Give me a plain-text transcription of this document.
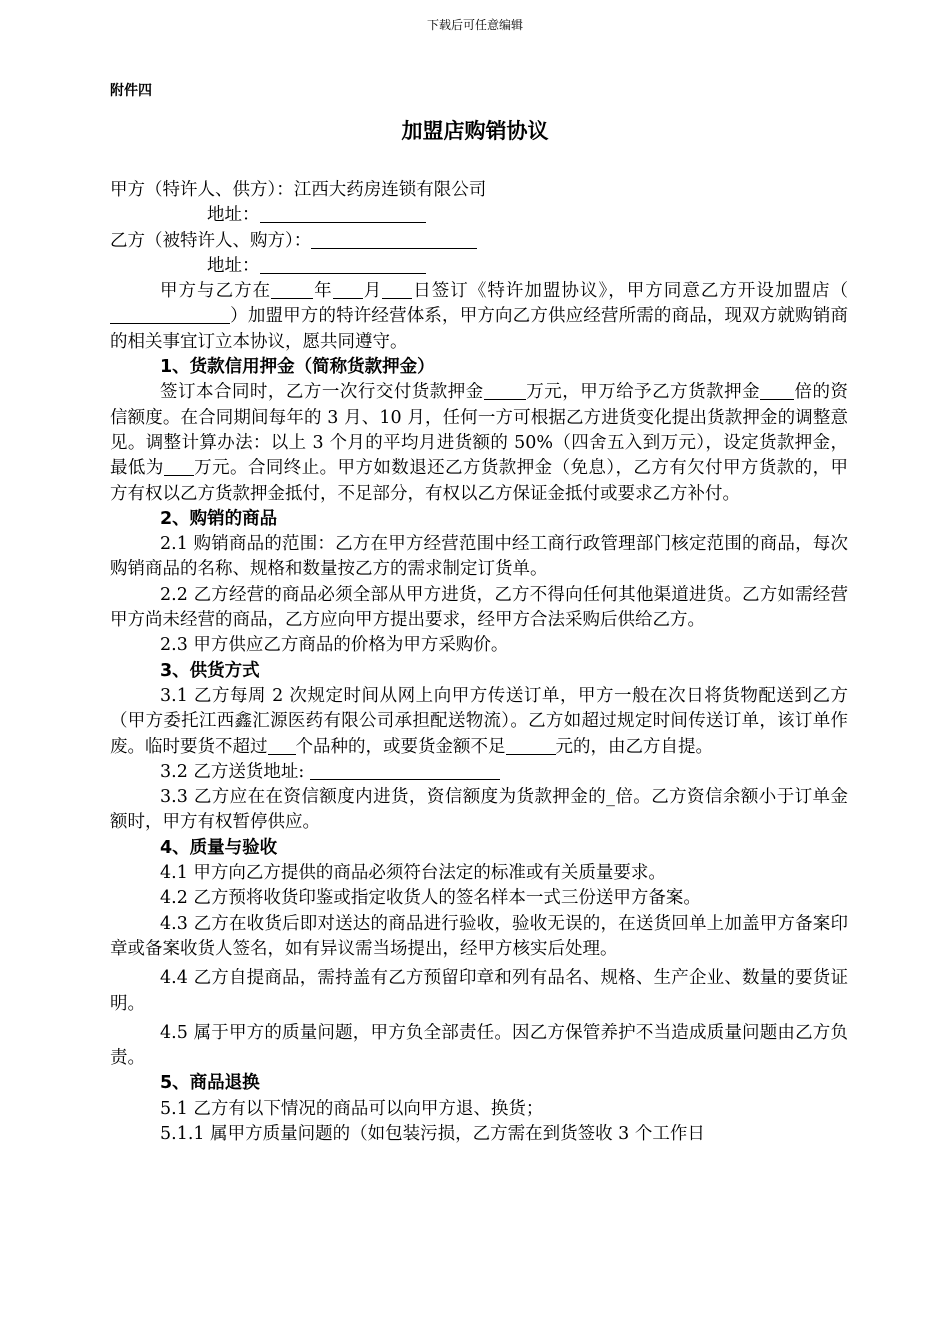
下载后可任意编辑
附件四
加盟店购销协议

甲方（特许人、供方）：江西大药房连锁有限公司

地址：

乙方（被特许人、购方）：

地址：

甲方与乙方在 年 月 日签订《特许加盟协议》，甲方同意乙方开设加盟店（）加盟甲方的特许经营体系，甲方向乙方供应经营所需的商品，现双方就购销商的相关事宜订立本协议，愿共同遵守。

1、货款信用押金（简称货款押金）

签订本合同时，乙方一次行交付货款押金 万元，甲万给予乙方货款押金 倍的资信额度。在合同期间每年的 3 月、10 月，任何一方可根据乙方进货变化提出货款押金的调整意见。调整计算办法：以上 3 个月的平均月进货额的 50%（四舍五入到万元），设定货款押金，最低为 万元。合同终止。甲方如数退还乙方货款押金（免息），乙方有欠付甲方货款的，甲方有权以乙方货款押金抵付，不足部分，有权以乙方保证金抵付或要求乙方补付。

2、购销的商品

2.1 购销商品的范围：乙方在甲方经营范围中经工商行政管理部门核定范围的商品，每次购销商品的名称、规格和数量按乙方的需求制定订货单。

2.2 乙方经营的商品必须全部从甲方进货，乙方不得向任何其他渠道进货。乙方如需经营甲方尚未经营的商品，乙方应向甲方提出要求，经甲方合法采购后供给乙方。

2.3 甲方供应乙方商品的价格为甲方采购价。

3、供货方式

3.1 乙方每周 2 次规定时间从网上向甲方传送订单，甲方一般在次日将货物配送到乙方（甲方委托江西鑫汇源医药有限公司承担配送物流）。乙方如超过规定时间传送订单，该订单作废。临时要货不超过 个品种的，或要货金额不足	元的，由乙方自提。

3.2 乙方送货地址:

3.3 乙方应在在资信额度内进货，资信额度为货款押金的_倍。乙方资信余额小于订单金额时，甲方有权暂停供应。

4、质量与验收

4.1 甲方向乙方提供的商品必须符台法定的标准或有关质量要求。

4.2 乙方预将收货印鉴或指定收货人的签名样本一式三份送甲方备案。

4.3 乙方在收货后即对送达的商品进行验收，验收无误的，在送货回单上加盖甲方备案印章或备案收货人签名，如有异议需当场提出，经甲方核实后处理。

4.4 乙方自提商品，需持盖有乙方预留印章和列有品名、规格、生产企业、数量的要货证明。

4.5 属于甲方的质量问题，甲方负全部责任。因乙方保管养护不当造成质量问题由乙方负责。

5、商品退换

5.1 乙方有以下情况的商品可以向甲方退、换货；

5.1.1 属甲方质量问题的（如包装污损，乙方需在到货签收 3 个工作日
